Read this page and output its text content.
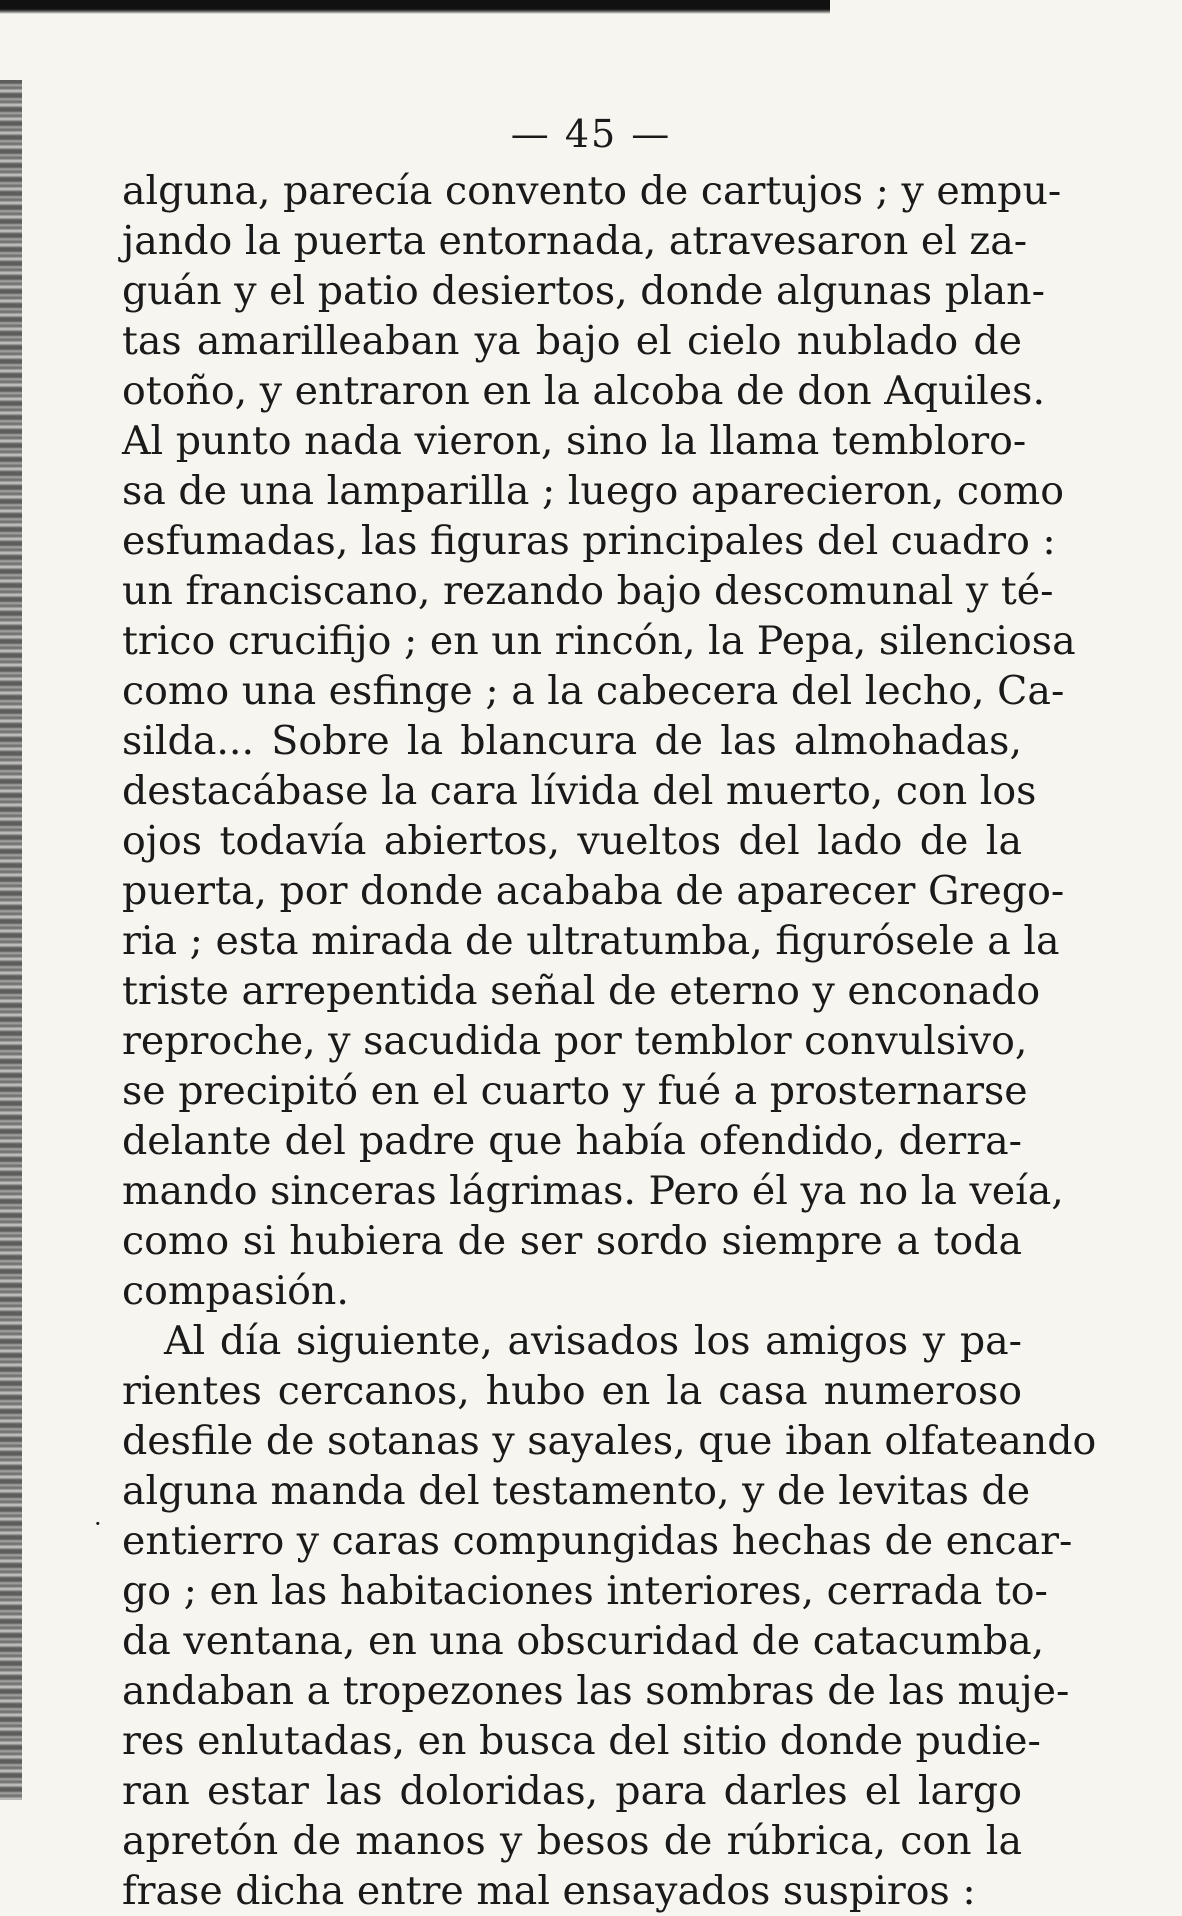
— 45 —
alguna, parecía convento de cartujos ; y empu-
jando la puerta entornada, atravesaron el za-
guán y el patio desiertos, donde algunas plan-
tas amarilleaban ya bajo el cielo nublado de
otoño, y entraron en la alcoba de don Aquiles.
Al punto nada vieron, sino la llama temblоro-
sa de una lamparilla ; luego aparecieron, como
esfumadas, las figuras principales del cuadro :
un franciscano, rezando bajo descomunal y té-
trico crucifijo ; en un rincón, la Pepa, silenciosa
como una esfinge ; a la cabecera del lecho, Ca-
silda... Sobre la blancura de las almohadas,
destacábase la cara lívida del muerto, con los
ojos todavía abiertos, vueltos del lado de la
puerta, por donde acababa de aparecer Grego-
ria ; esta mirada de ultratumba, figurósele a la
triste arrepentida señal de eterno y enconado
reproche, y sacudida por temblor convulsivo,
se precipitó en el cuarto y fué a prosternarse
delante del padre que había ofendido, derra-
mando sinceras lágrimas. Pero él ya no la veía,
como si hubiera de ser sordo siempre a toda
compasión.
Al día siguiente, avisados los amigos y pa-
rientes cercanos, hubo en la casa numeroso
desfile de sotanas y sayales, que iban olfateando
alguna manda del testamento, y de levitas de
entierro y caras compungidas hechas de encar-
go ; en las habitaciones interiores, cerrada to-
da ventana, en una obscuridad de catacumba,
andaban a tropezones las sombras de las muje-
res enlutadas, en busca del sitio donde pudie-
ran estar las doloridas, para darles el largo
apretón de manos y besos de rúbrica, con la
frase dicha entre mal ensayados suspiros :
·
